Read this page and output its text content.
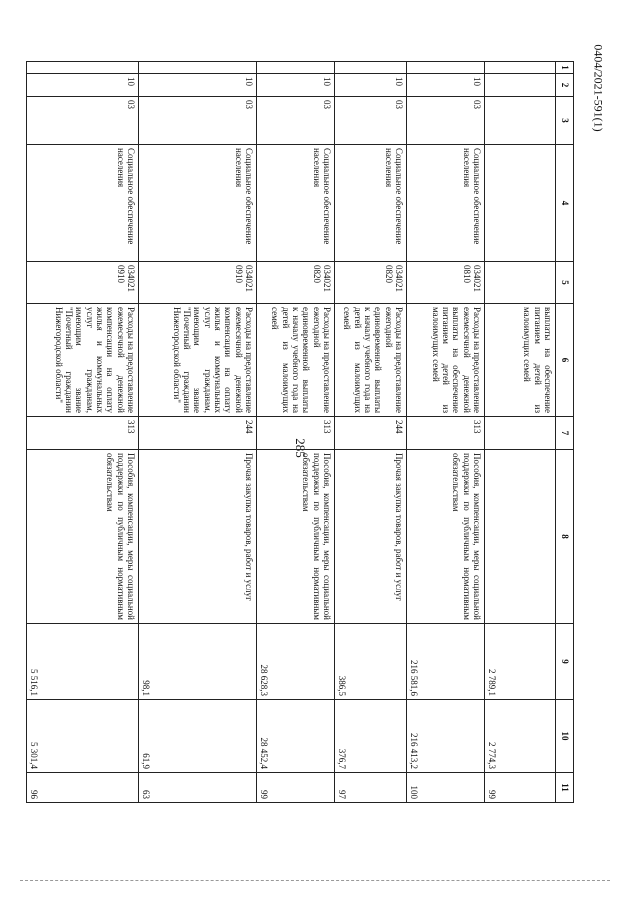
285
0404/2021-591(1)
1	2	3	4	5	6	7	8	9	10	11
					выплаты на обеспечение питанием детей из малоимущих семей			2 789,1	2 774,3	99
	10	03	Социальное обеспечение населения	034021 0810	Расходы на предоставление ежемесячной денежной выплаты на обеспечение питанием детей из малоимущих семей	313	Пособия, компенсации, меры социальной поддержки по публичным нормативным обязательствам	216 581,6	216 413,2	100
	10	03	Социальное обеспечение населения	034021 0820	Расходы на предоставление ежегодной единовременной выплаты к началу учебного года на детей из малоимущих семей	244	Прочая закупка товаров, работ и услуг	386,5	376,7	97
	10	03	Социальное обеспечение населения	034021 0820	Расходы на предоставление ежегодной единовременной выплаты к началу учебного года на детей из малоимущих семей	313	Пособия, компенсации, меры социальной поддержки по публичным нормативным обязательствам	28 628,3	28 452,4	99
	10	03	Социальное обеспечение населения	034021 0910	Расходы на предоставление ежемесячной денежной компенсации на оплату жилья и коммунальных услуг гражданам, имеющим звание "Почетный гражданин Нижегородской области"	244	Прочая закупка товаров, работ и услуг	98,1	61,9	63
	10	03	Социальное обеспечение населения	034021 0910	Расходы на предоставление ежемесячной денежной компенсации на оплату жилья и коммунальных услуг гражданам, имеющим звание "Почетный гражданин Нижегородской области"	313	Пособия, компенсации, меры социальной поддержки по публичным нормативным обязательствам	5 516,1	5 301,4	96
